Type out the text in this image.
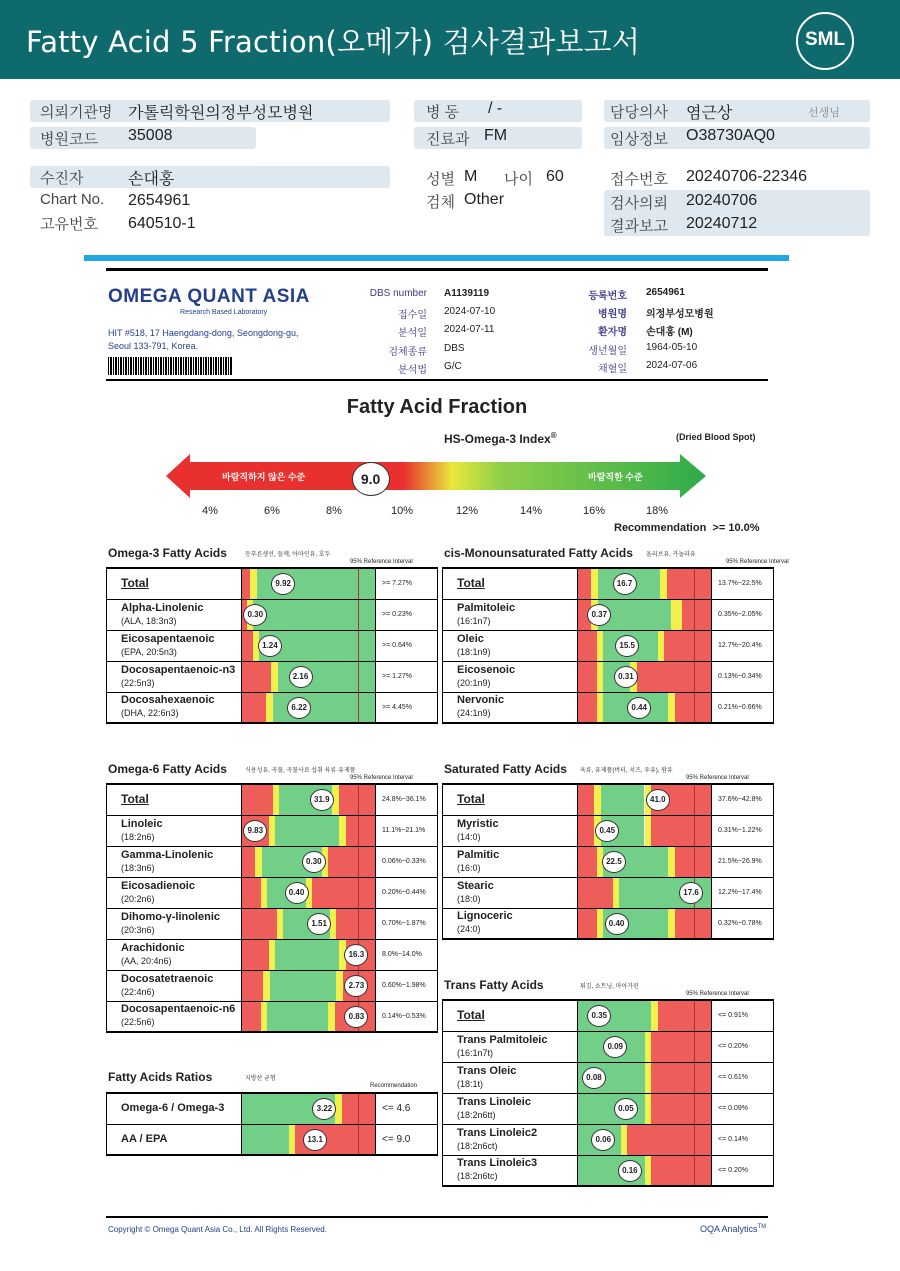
Fatty Acid 5 Fraction(오메가) 검사결과보고서	SML
의뢰기관명 가톨릭학원의정부성모병원
병원코드 35008
병 동 / -
진료과 FM
담당의사 염근상	선생님
임상정보 O38730AQ0
수진자	손대홍
Chart No. 2654961
고유번호 640510-1
성별 M 나이 60
검체 Other
접수번호 20240706-22346
검사의뢰 20240706
결과보고 20240712
OMEGA QUANT ASIA
Research Based Laboratory
HIT #518, 17 Haengdang-dong, Seongdong-gu,
Seoul 133-791, Korea.
DBS number A1139119
접수일 2024-07-10
분석일 2024-07-11
검체종류 DBS
분석법 G/C
등록번호 2654961
병원명 의정부성모병원
환자명 손대홍 (M)
생년월일 1964-05-10
채혈일 2024-07-06
Fatty Acid Fraction
HS-Omega-3 Index®	(Dried Blood Spot)
바람직하지 않은 수준	바람직한 수준
9.0
4%	6%	8%	10%	12%	14%	16%	18%
Recommendation >= 10.0%
Omega-3 Fatty Acids	등푸른생선, 들깨, 아마인유, 호두
95% Reference Interval
Total	9.92	>= 7.27%

Alpha-Linolenic
(ALA, 18:3n3)	0.30	>= 0.23%

Eicosapentaenoic
(EPA, 20:5n3)	1.24	>= 0.64%

Docosapentaenoic-n3
(22:5n3)	2.16	>= 1.27%

Docosahexaenoic
(DHA, 22:6n3)	6.22	>= 4.45%
cis-Monounsaturated Fatty Acids 올리브유, 카놀라유
95% Reference Interval
Total	16.7	13.7%~22.5%

Palmitoleic
(16:1n7)	0.37	0.35%~2.05%

Oleic
(18:1n9)	15.5	12.7%~20.4%

Eicosenoic
(20:1n9)	0.31	0.13%~0.34%

Nervonic
(24:1n9)	0.44	0.21%~0.66%
Omega-6 Fatty Acids	식용성유, 곡물, 곡물사료 섭취 육류·유제품
95% Reference Interval
Total	31.9	24.8%~36.1%

Linoleic
(18:2n6)	9.83	11.1%~21.1%

Gamma-Linolenic
(18:3n6)	0.30	0.06%~0.33%

Eicosadienoic
(20:2n6)	0.40	0.20%~0.44%

Dihomo-γ-linolenic
(20:3n6)	1.51	0.70%~1.87%

Arachidonic
(AA, 20:4n6)	16.3	8.0%~14.0%

Docosatetraenoic
(22:4n6)	2.73	0.60%~1.98%

Docosapentaenoic-n6
(22:5n6)	0.83	0.14%~0.53%
Saturated Fatty Acids 육류, 유제품(버터, 치즈, 우유), 팜유
95% Reference Interval
Total	41.0	37.6%~42.8%

Myristic
(14:0)	0.45	0.31%~1.22%

Palmitic
(16:0)	22.5	21.5%~26.9%

Stearic
(18:0)	17.6	12.2%~17.4%

Lignoceric
(24:0)	0.40	0.32%~0.78%
Trans Fatty Acids	튀김, 쇼트닝, 마아가린
95% Reference Interval
Total	0.35	<= 0.91%

Trans Palmitoleic
(16:1n7t)	0.09	<= 0.20%

Trans Oleic
(18:1t)	0.08	<= 0.61%

Trans Linoleic
(18:2n6tt)	0.05	<= 0.09%

Trans Linoleic2
(18:2n6ct)	0.06	<= 0.14%

Trans Linoleic3
(18:2n6tc)	0.16	<= 0.20%
Fatty Acids Ratios	지방산 균형
Recommendation
Omega-6 / Omega-3	3.22	<= 4.6

AA / EPA	13.1	<= 9.0
Copyright © Omega Quant Asia Co., Ltd. All Rights Reserved.	OQA Analytics™
